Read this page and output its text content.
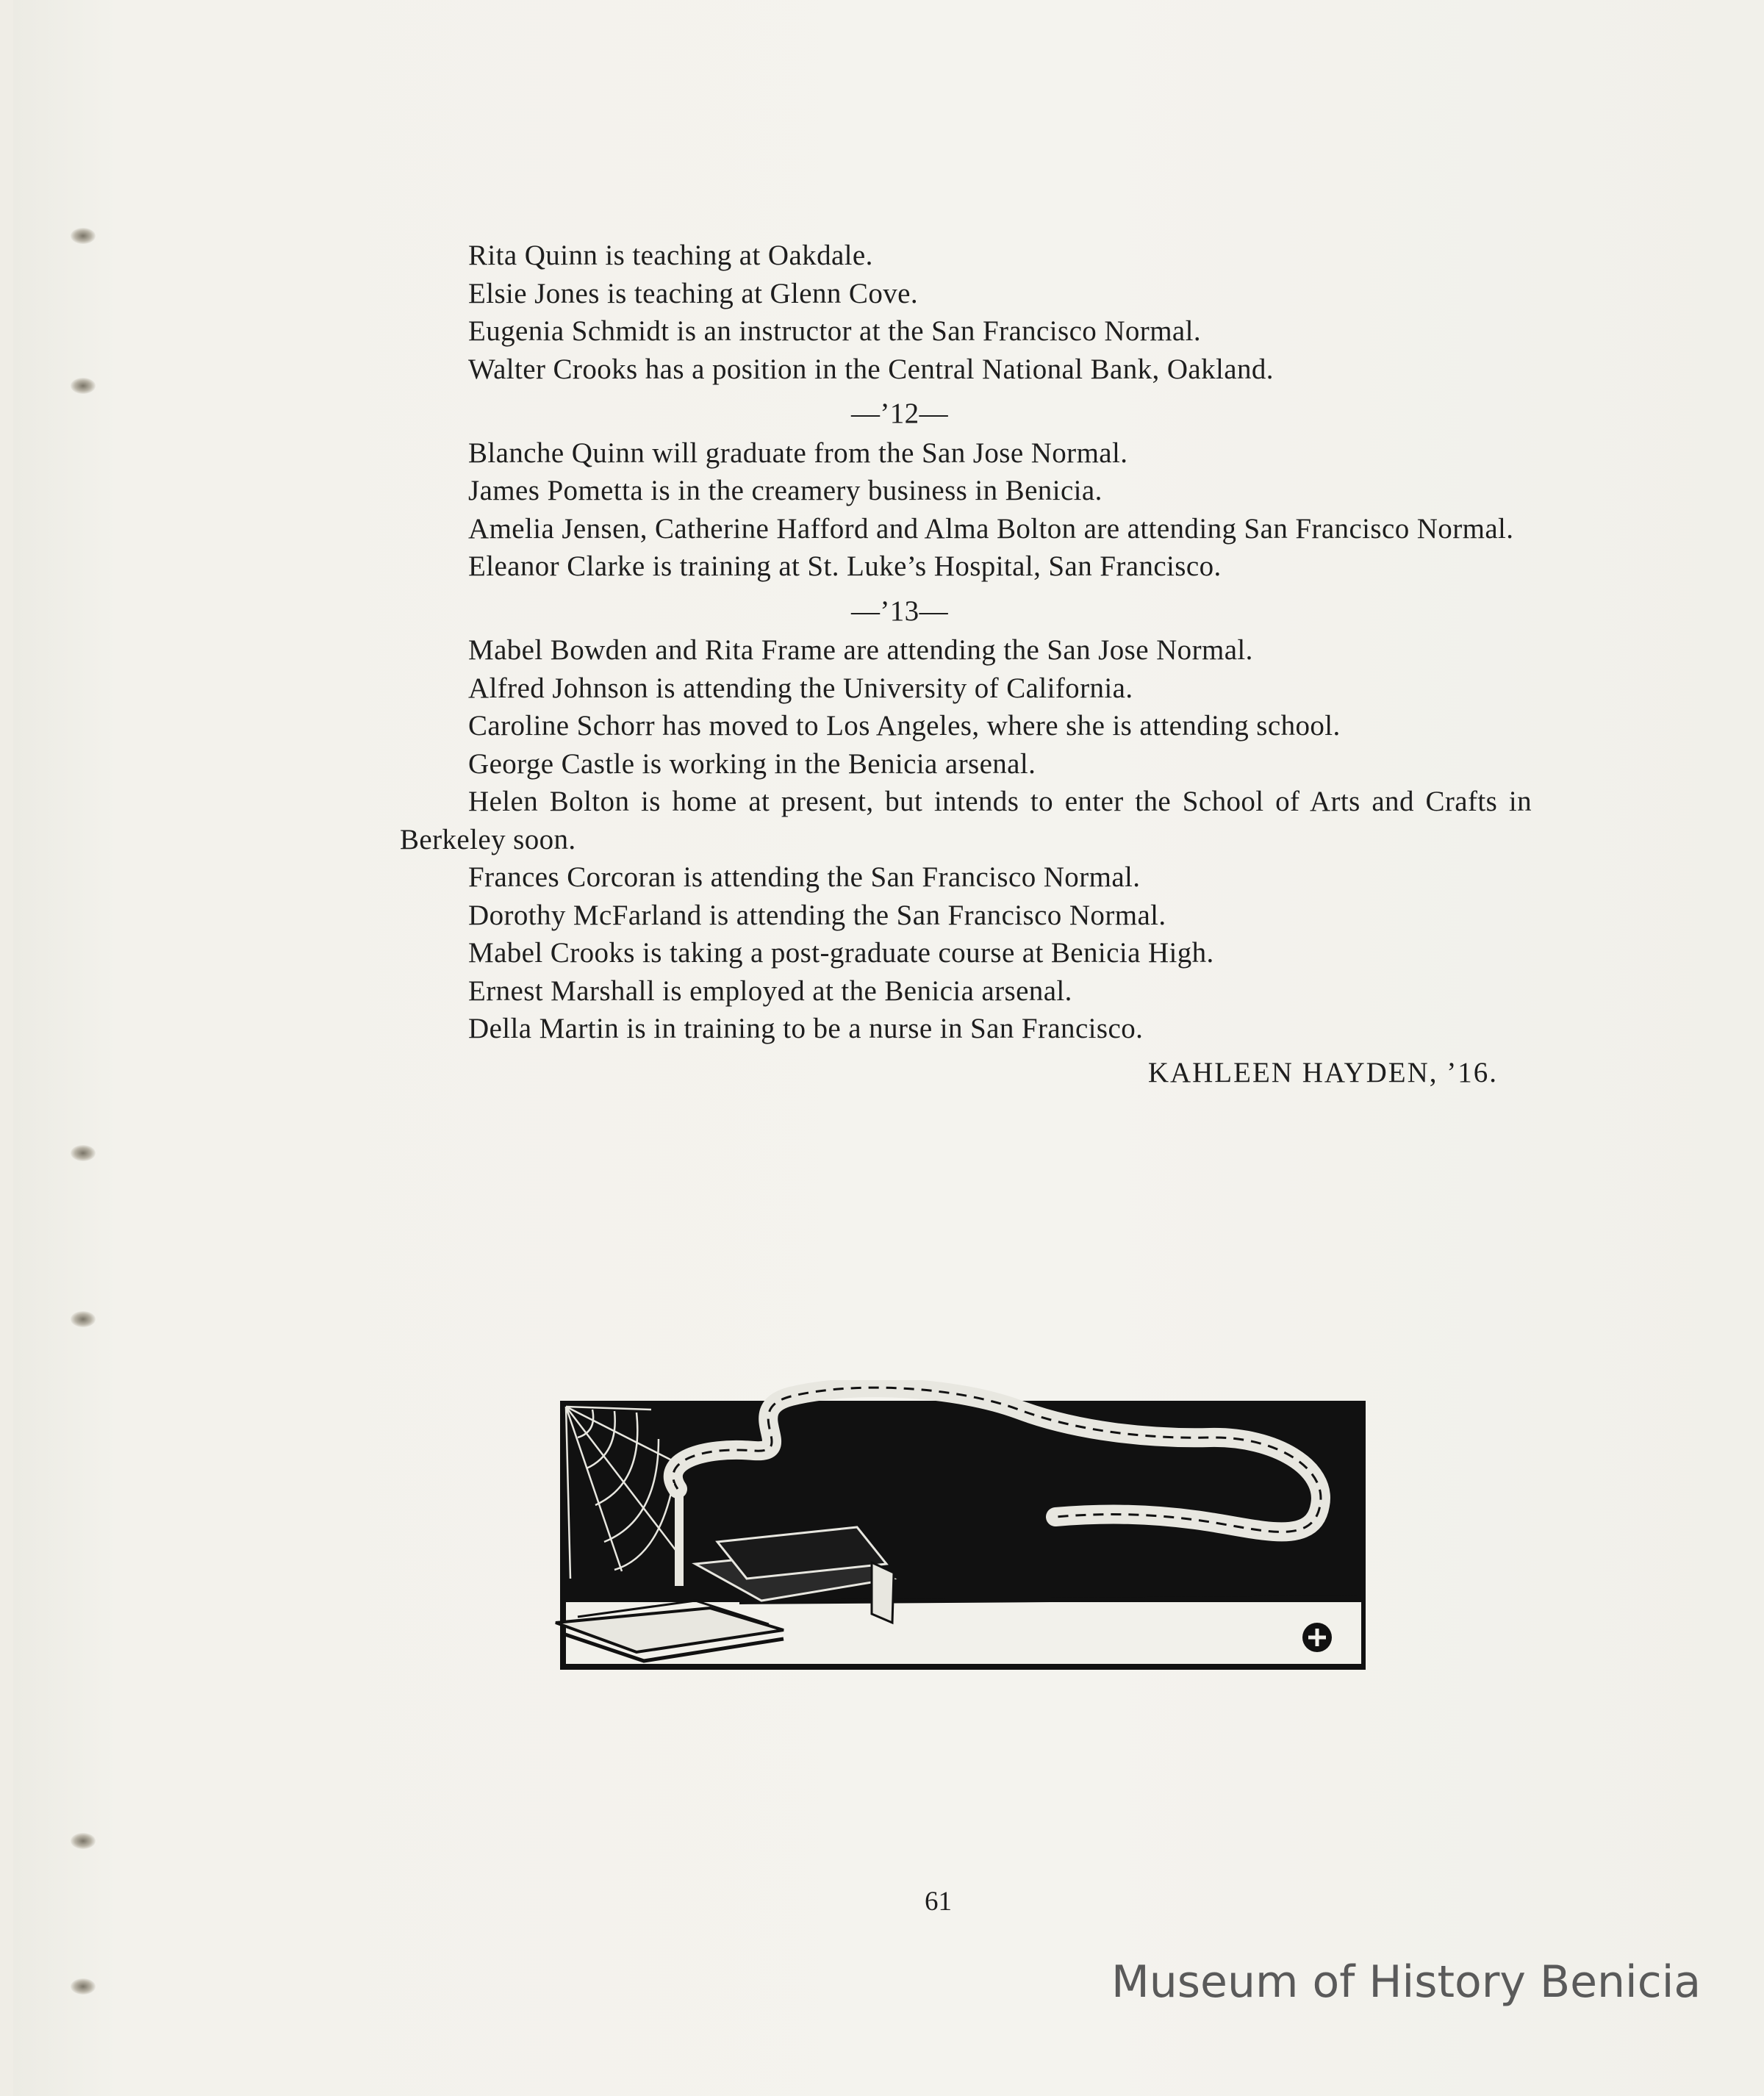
Rita Quinn is teaching at Oakdale.
Elsie Jones is teaching at Glenn Cove.
Eugenia Schmidt is an instructor at the San Francisco Normal.
Walter Crooks has a position in the Central National Bank, Oakland.
—’12—
Blanche Quinn will graduate from the San Jose Normal.
James Pometta is in the creamery business in Benicia.
Amelia Jensen, Catherine Hafford and Alma Bolton are attending San Francisco Normal.
Eleanor Clarke is training at St. Luke’s Hospital, San Francisco.
—’13—
Mabel Bowden and Rita Frame are attending the San Jose Normal.
Alfred Johnson is attending the University of California.
Caroline Schorr has moved to Los Angeles, where she is attending school.
George Castle is working in the Benicia arsenal.
Helen Bolton is home at present, but intends to enter the School of Arts and Crafts in Berkeley soon.
Frances Corcoran is attending the San Francisco Normal.
Dorothy McFarland is attending the San Francisco Normal.
Mabel Crooks is taking a post-graduate course at Benicia High.
Ernest Marshall is employed at the Benicia arsenal.
Della Martin is in training to be a nurse in San Francisco.
KAHLEEN HAYDEN, ’16.
61
Museum of History Benicia
